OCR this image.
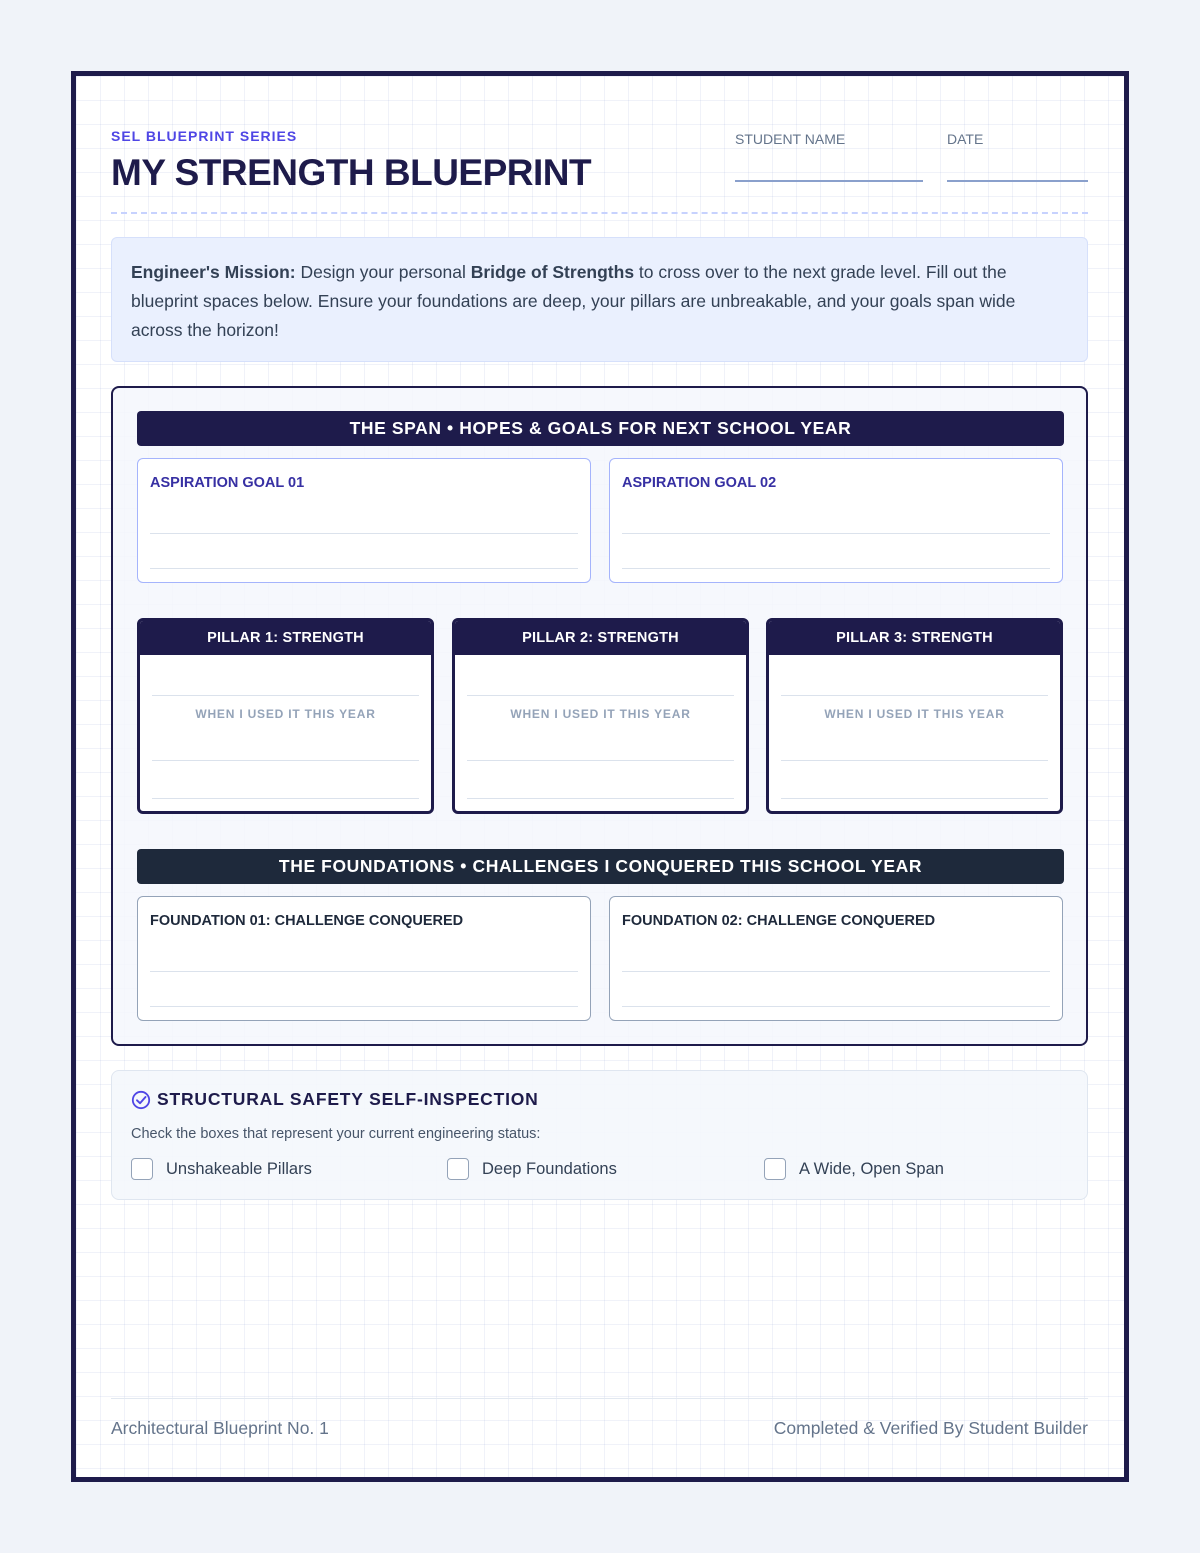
SEL BLUEPRINT SERIES
MY STRENGTH BLUEPRINT
STUDENT NAME	DATE
Engineer's Mission: Design your personal Bridge of Strengths to cross over to the next grade level. Fill out the blueprint spaces below. Ensure your foundations are deep, your pillars are unbreakable, and your goals span wide across the horizon!
THE SPAN • HOPES & GOALS FOR NEXT SCHOOL YEAR
ASPIRATION GOAL 01	ASPIRATION GOAL 02
PILLAR 1: STRENGTH
WHEN I USED IT THIS YEAR
PILLAR 2: STRENGTH
WHEN I USED IT THIS YEAR
PILLAR 3: STRENGTH
WHEN I USED IT THIS YEAR
THE FOUNDATIONS • CHALLENGES I CONQUERED THIS SCHOOL YEAR
FOUNDATION 01: CHALLENGE CONQUERED	FOUNDATION 02: CHALLENGE CONQUERED
STRUCTURAL SAFETY SELF-INSPECTION
Check the boxes that represent your current engineering status:
Unshakeable Pillars	Deep Foundations	A Wide, Open Span
Architectural Blueprint No. 1	Completed & Verified By Student Builder
